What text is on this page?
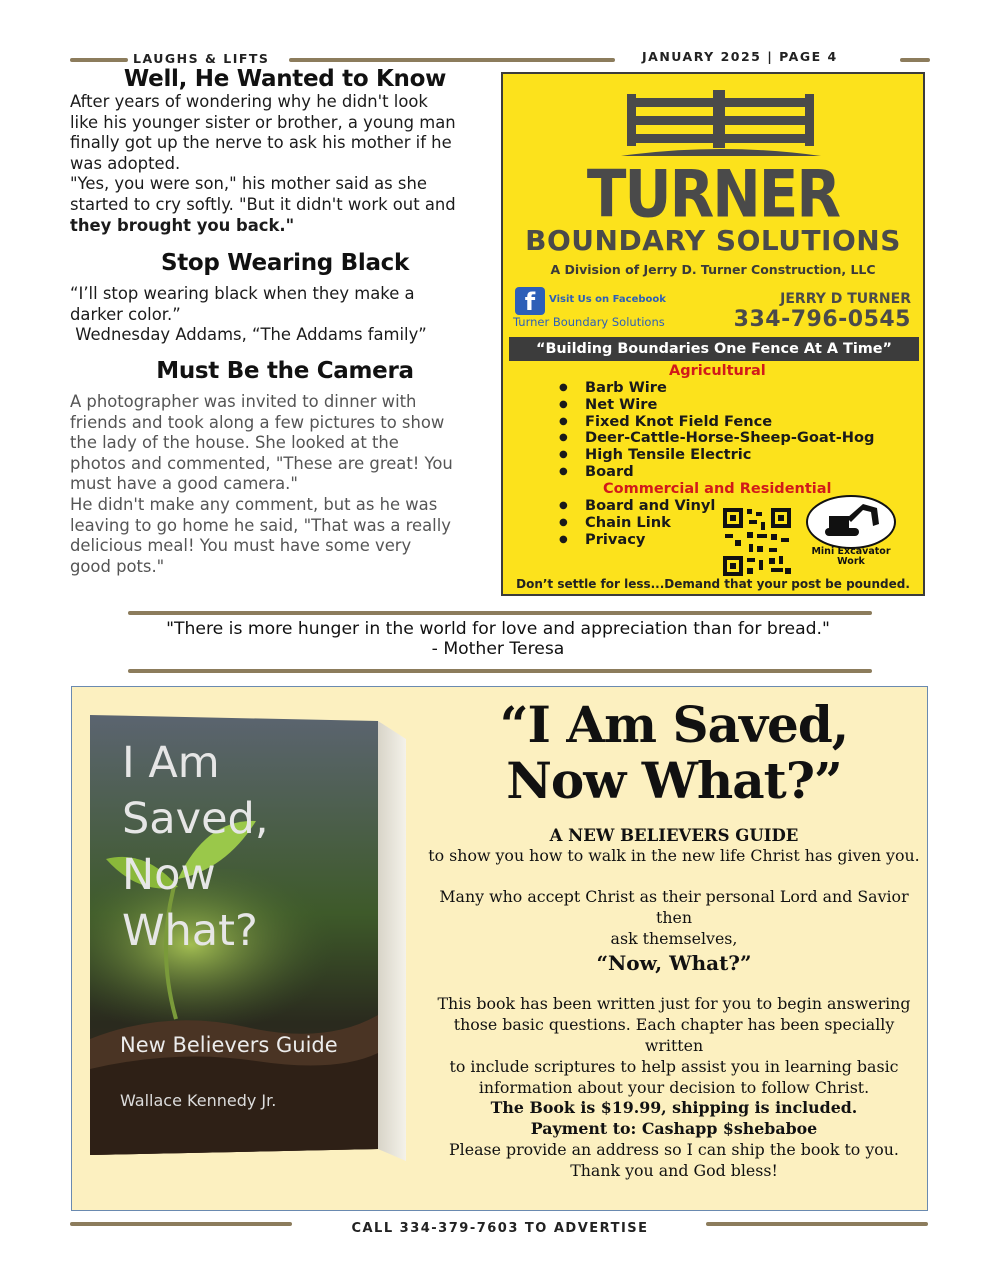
LAUGHS & LIFTS	JANUARY 2025 | PAGE 4
Well, He Wanted to Know
After years of wondering why he didn't look
like his younger sister or brother, a young man
finally got up the nerve to ask his mother if he
was adopted.
"Yes, you were son," his mother said as she
started to cry softly. "But it didn't work out and
they brought you back."
Stop Wearing Black
“I’ll stop wearing black when they make a
darker color.”
Wednesday Addams, “The Addams family”
Must Be the Camera
A photographer was invited to dinner with
friends and took along a few pictures to show
the lady of the house. She looked at the
photos and commented, "These are great! You
must have a good camera."
He didn't make any comment, but as he was
leaving to go home he said, "That was a really
delicious meal! You must have some very
good pots."
TURNER
BOUNDARY SOLUTIONS
A Division of Jerry D. Turner Construction, LLC
f	Visit Us on Facebook
Turner Boundary Solutions
JERRY D TURNER
334-796-0545
“Building Boundaries One Fence At A Time”
Agricultural
● Barb Wire
● Net Wire
● Fixed Knot Field Fence
● Deer-Cattle-Horse-Sheep-Goat-Hog
● High Tensile Electric
● Board
Commercial and Residential
● Board and Vinyl
● Chain Link
● Privacy
Mini Excavator
Work
Don’t settle for less...Demand that your post be pounded.
"There is more hunger in the world for love and appreciation than for bread."
- Mother Teresa
I Am
Saved,
Now
What?
New Believers Guide
Wallace Kennedy Jr.
“I Am Saved,
Now What?”
A NEW BELIEVERS GUIDE
to show you how to walk in the new life Christ has given you.
Many who accept Christ as their personal Lord and Savior then
ask themselves,
“Now, What?”
This book has been written just for you to begin answering
those basic questions. Each chapter has been specially written
to include scriptures to help assist you in learning basic
information about your decision to follow Christ.
The Book is $19.99, shipping is included.
Payment to: Cashapp $shebaboe
Please provide an address so I can ship the book to you.
Thank you and God bless!
CALL 334-379-7603 TO ADVERTISE
